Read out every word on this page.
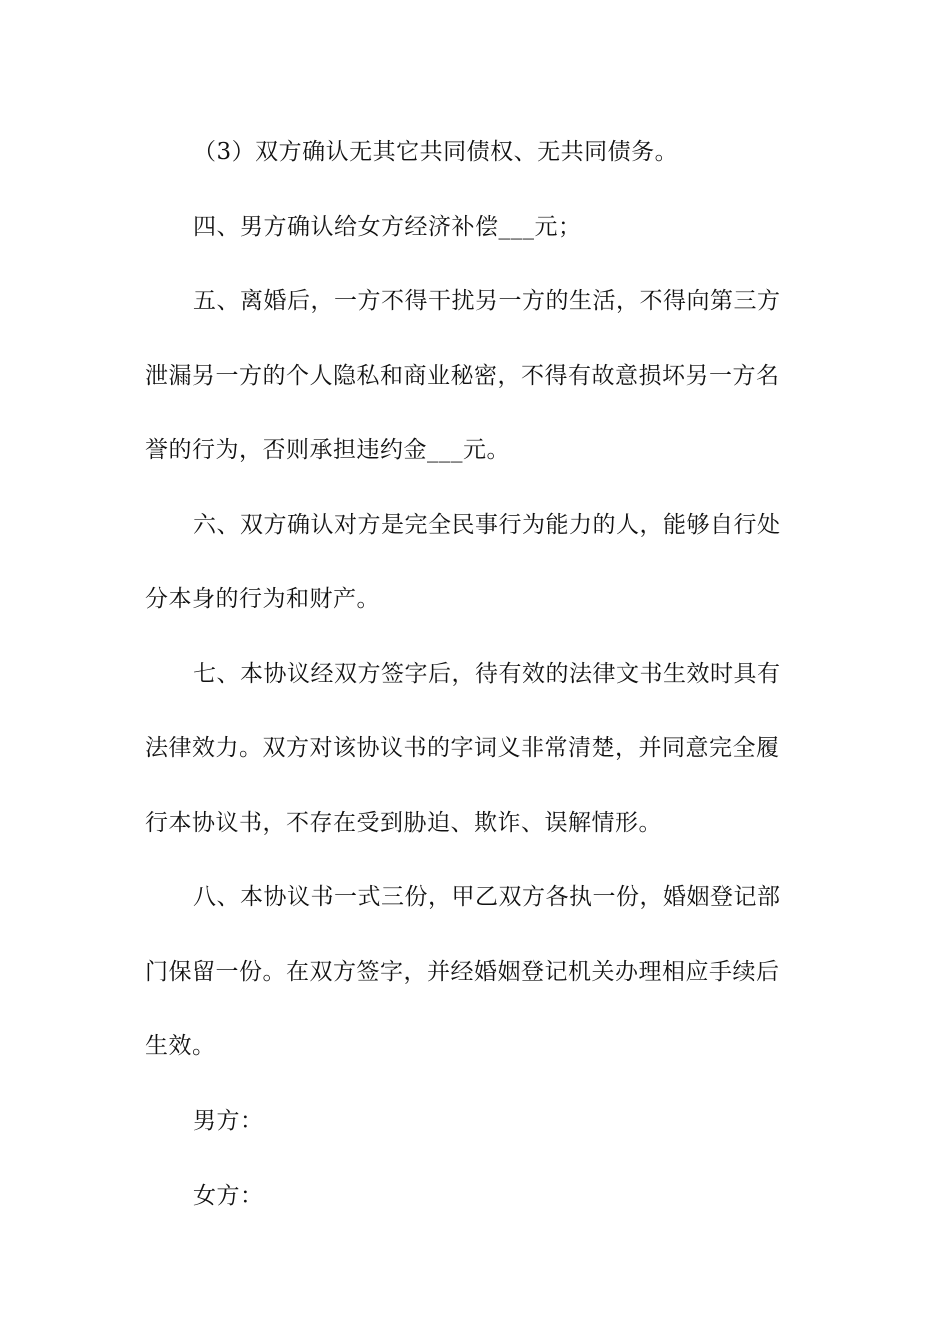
（3）双方确认无其它共同债权、无共同债务。
四、男方确认给女方经济补偿___元；
五、离婚后，一方不得干扰另一方的生活，不得向第三方
泄漏另一方的个人隐私和商业秘密，不得有故意损坏另一方名
誉的行为，否则承担违约金___元。
六、双方确认对方是完全民事行为能力的人，能够自行处
分本身的行为和财产。
七、本协议经双方签字后，待有效的法律文书生效时具有
法律效力。双方对该协议书的字词义非常清楚，并同意完全履
行本协议书，不存在受到胁迫、欺诈、误解情形。
八、本协议书一式三份，甲乙双方各执一份，婚姻登记部
门保留一份。在双方签字，并经婚姻登记机关办理相应手续后
生效。
男方：
女方：
